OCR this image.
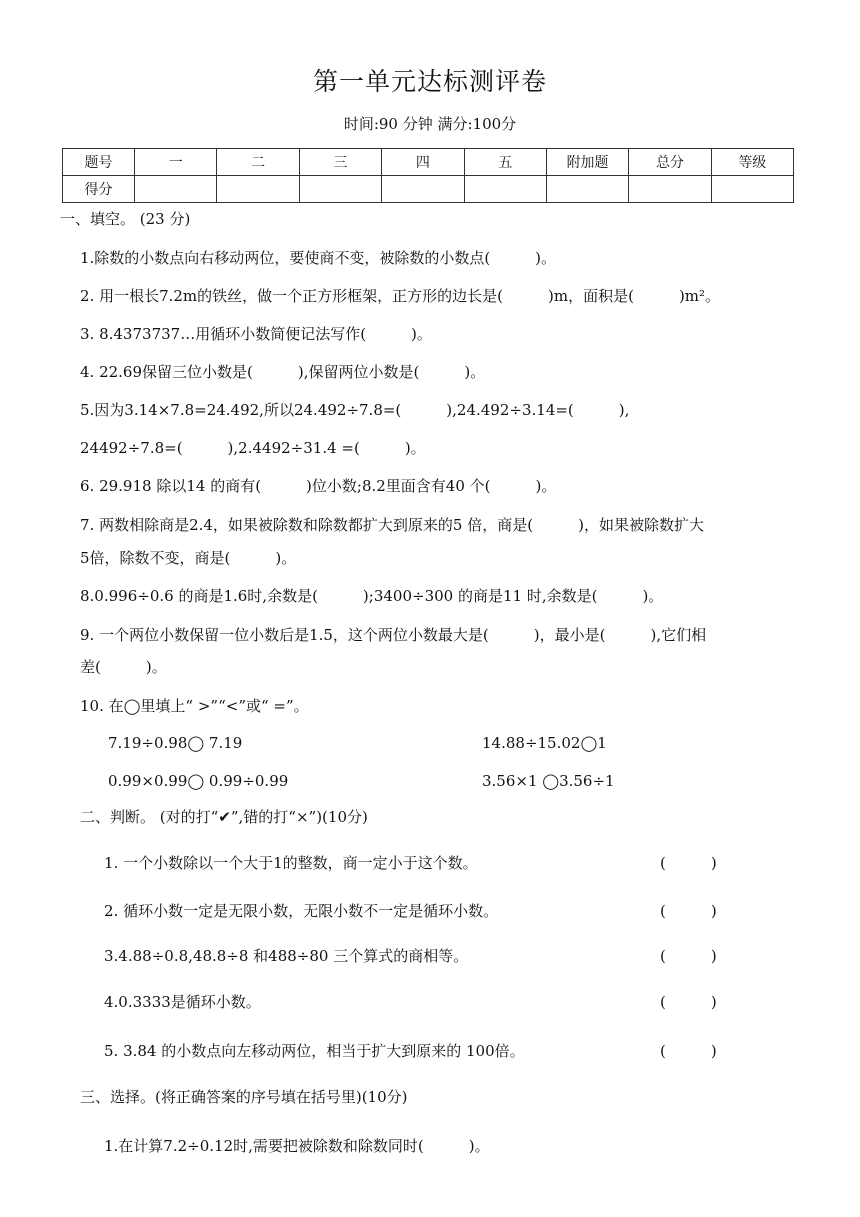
第一单元达标测评卷
时间:90 分钟 满分:100分
题号	一	二	三	四	五	附加题	总分	等级
得分								
一、填空。 (23 分)
1.除数的小数点向右移动两位，要使商不变，被除数的小数点(　　　)。
2. 用一根长7.2m的铁丝，做一个正方形框架，正方形的边长是(　　　)m，面积是(　　　)m²。
3. 8.4373737…用循环小数简便记法写作(　　　)。
4. 22.69保留三位小数是(　　　),保留两位小数是(　　　)。
5.因为3.14×7.8=24.492,所以24.492÷7.8=(　　　),24.492÷3.14=(　　　),
24492÷7.8=(　　　),2.4492÷31.4 =(　　　)。
6. 29.918 除以14 的商有(　　　)位小数;8.2里面含有40 个(　　　)。
7. 两数相除商是2.4，如果被除数和除数都扩大到原来的5 倍，商是(　　　)，如果被除数扩大
5倍，除数不变，商是(　　　)。
8.0.996÷0.6 的商是1.6时,余数是(　　　);3400÷300 的商是11 时,余数是(　　　)。
9. 一个两位小数保留一位小数后是1.5，这个两位小数最大是(　　　)，最小是(　　　),它们相
差(　　　)。
10. 在◯里填上“ >”“<”或“ =”。
7.19÷0.98◯ 7.19	14.88÷15.02◯1
0.99×0.99◯ 0.99÷0.99	3.56×1 ◯3.56÷1
二、判断。 (对的打“✔”,错的打“×”)(10分)
1. 一个小数除以一个大于1的整数，商一定小于这个数。	(　　　)
2. 循环小数一定是无限小数，无限小数不一定是循环小数。	(　　　)
3.4.88÷0.8,48.8÷8 和488÷80 三个算式的商相等。	(　　　)
4.0.3333是循环小数。	(　　　)
5. 3.84 的小数点向左移动两位，相当于扩大到原来的 100倍。	(　　　)
三、选择。(将正确答案的序号填在括号里)(10分)
1.在计算7.2÷0.12时,需要把被除数和除数同时(　　　)。
